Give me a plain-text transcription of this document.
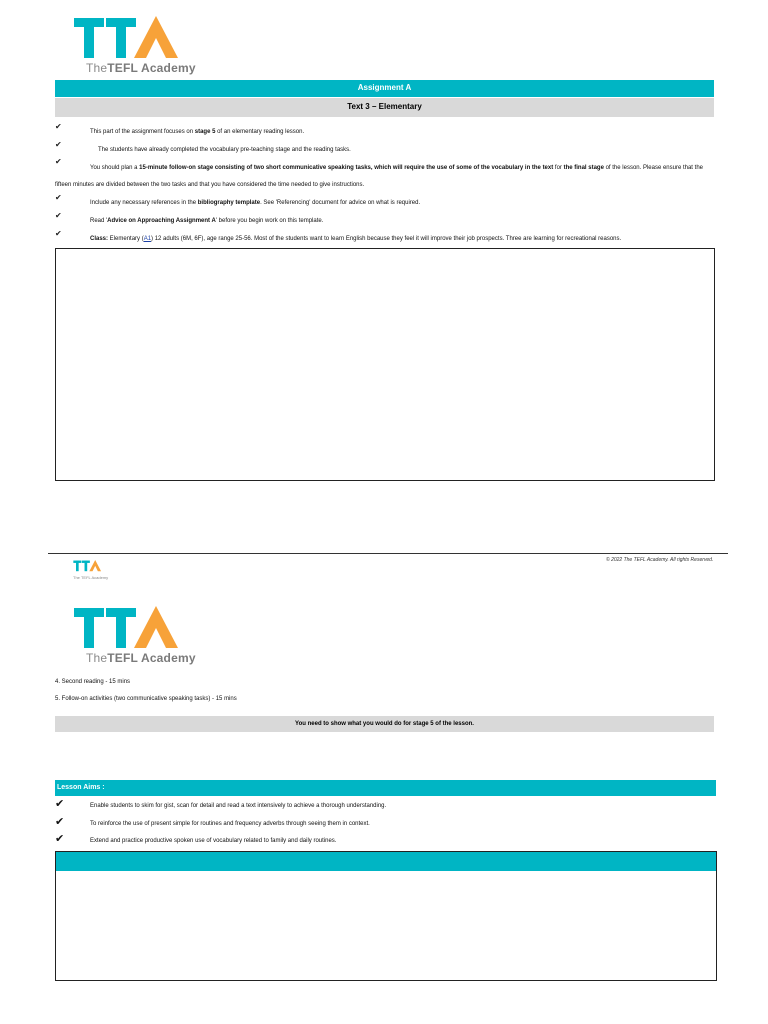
TheTEFL Academy
Assignment A
Text 3 – Elementary
✔
This part of the assignment focuses on stage 5 of an elementary reading lesson.
✔
The students have already completed the vocabulary pre-teaching stage and the reading tasks.
✔
You should plan a 15-minute follow-on stage consisting of two short communicative speaking tasks, which will require the use of some of the vocabulary in the text for the final stage of the lesson. Please ensure that the
fifteen minutes are divided between the two tasks and that you have considered the time needed to give instructions.
✔
Include any necessary references in the bibliography template. See 'Referencing' document for advice on what is required.
✔
Read 'Advice on Approaching Assignment A' before you begin work on this template.
✔
Class: Elementary (A1) 12 adults (6M, 6F), age range 25-56. Most of the students want to learn English because they feel it will improve their job prospects. Three are learning for recreational reasons.
© 2022 The TEFL Academy. All rights Reserved.
The TEFL Academy
TheTEFL Academy
4. Second reading - 15 mins
5. Follow-on activities (two communicative speaking tasks) - 15 mins
You need to show what you would do for stage 5 of the lesson.
Lesson Aims :
✔	Enable students to skim for gist, scan for detail and read a text intensively to achieve a thorough understanding.
✔	To reinforce the use of present simple for routines and frequency adverbs through seeing them in context.
✔	Extend and practice productive spoken use of vocabulary related to family and daily routines.
